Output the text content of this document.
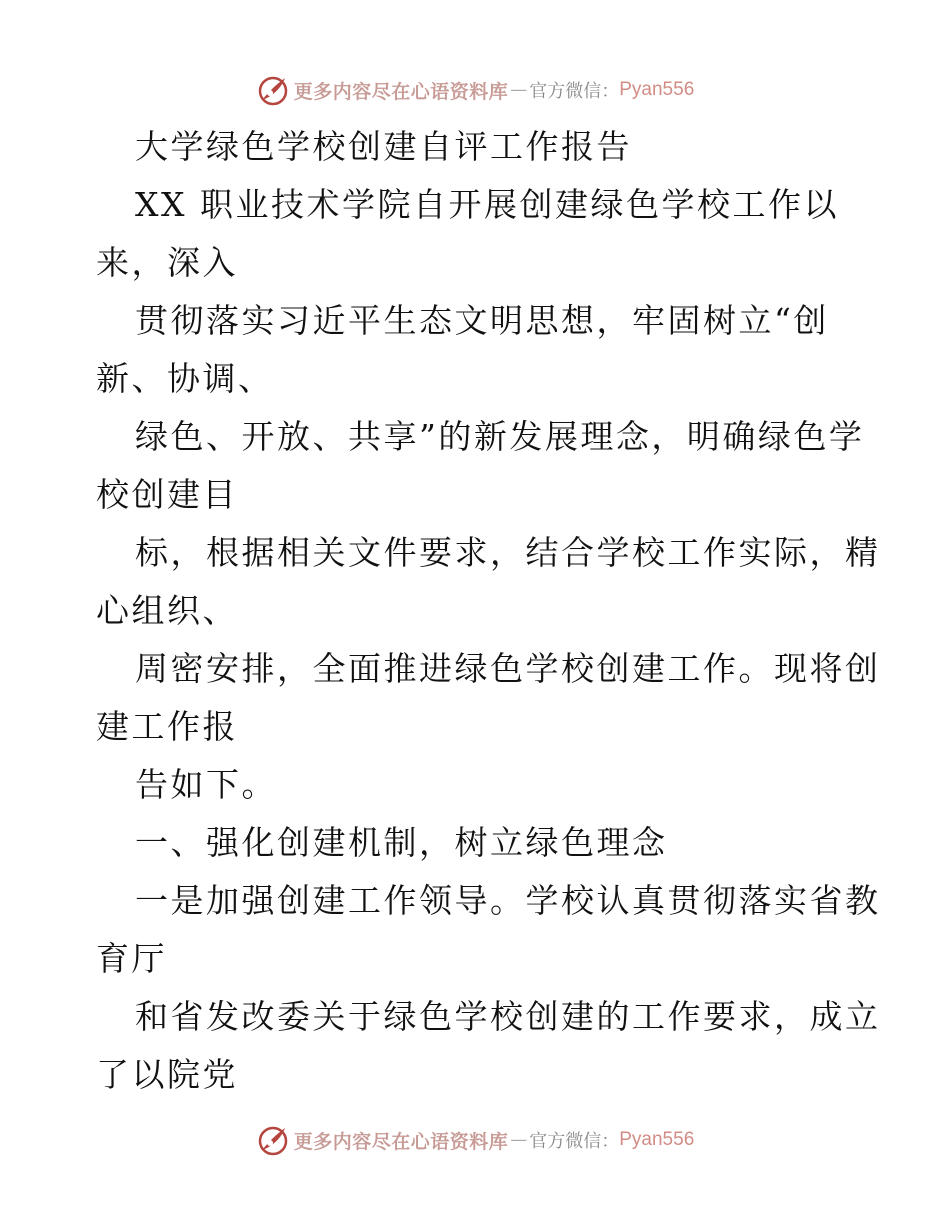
更多内容尽在心语资料库 — 官方微信： Pyan556
大学绿色学校创建自评工作报告
XX 职业技术学院自开展创建绿色学校工作以
来，深入
贯彻落实习近平生态文明思想，牢固树立“创
新、协调、
绿色、开放、共享”的新发展理念，明确绿色学
校创建目
标，根据相关文件要求，结合学校工作实际，精
心组织、
周密安排，全面推进绿色学校创建工作。现将创
建工作报
告如下。
一、强化创建机制，树立绿色理念
一是加强创建工作领导。学校认真贯彻落实省教
育厅
和省发改委关于绿色学校创建的工作要求，成立
了以院党
更多内容尽在心语资料库 — 官方微信： Pyan556
